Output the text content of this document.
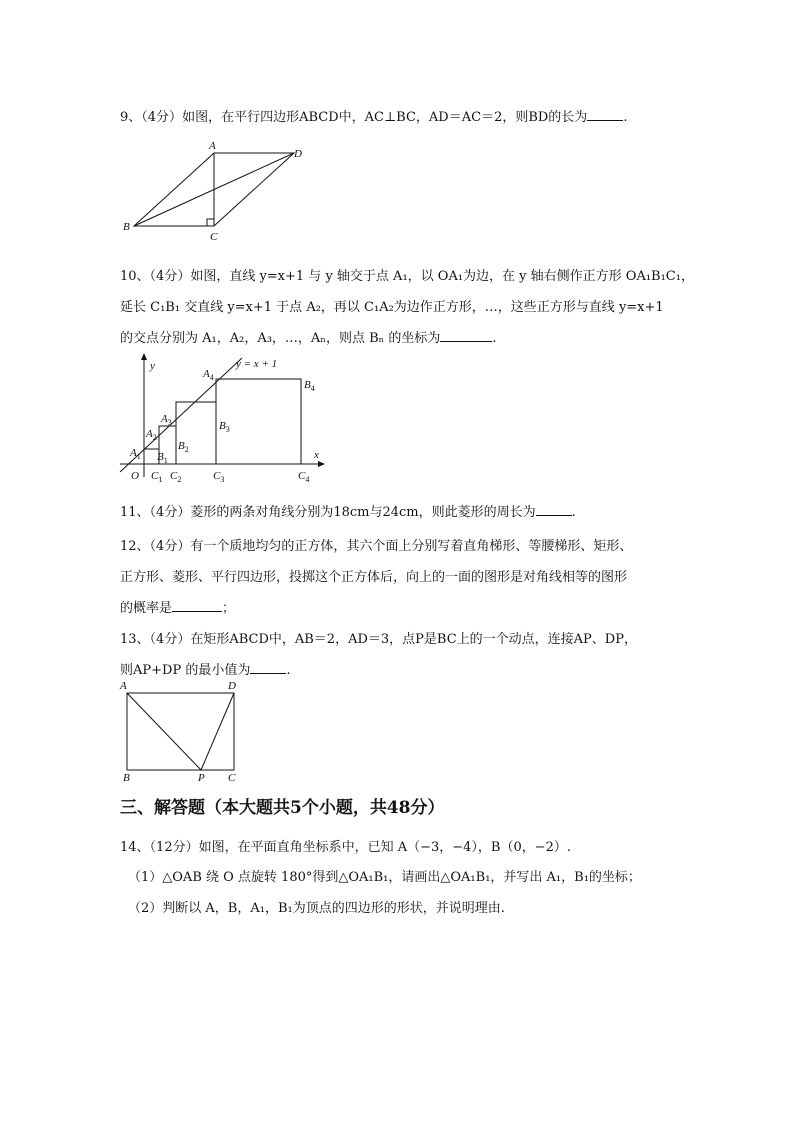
9、（4分）如图，在平行四边形ABCD中，AC⊥BC，AD＝AC＝2，则BD的长为	.
A
D
B
C
10、（4分）如图，直线 y=x+1 与 y 轴交于点 A₁，以 OA₁为边，在 y 轴右侧作正方形 OA₁B₁C₁，
延长 C₁B₁ 交直线 y=x+1 于点 A₂，再以 C₁A₂为边作正方形，…，这些正方形与直线 y=x+1
的交点分别为 A₁，A₂，A₃，…，Aₙ，则点 Bₙ 的坐标为	.
y
x
y = x + 1
O
$A_1$
$A_2$
$A_3$
$A_4$
$B_1$
$B_2$
$B_3$
$B_4$
$C_1$ $C_2$	$C_3$	$C_4$
11、（4分）菱形的两条对角线分别为18cm与24cm，则此菱形的周长为	.
12、（4分）有一个质地均匀的正方体，其六个面上分别写着直角梯形、等腰梯形、矩形、
正方形、菱形、平行四边形，投掷这个正方体后，向上的一面的图形是对角线相等的图形
的概率是	；
13、（4分）在矩形ABCD中，AB＝2，AD＝3，点P是BC上的一个动点，连接AP、DP，
则AP+DP 的最小值为	.
A	D
B	P C
三、解答题（本大题共5个小题，共48分）
14、（12分）如图，在平面直角坐标系中，已知 A（−3，−4），B（0，−2）.
（1）△OAB 绕 O 点旋转 180°得到△OA₁B₁，请画出△OA₁B₁，并写出 A₁，B₁的坐标；
（2）判断以 A，B，A₁，B₁为顶点的四边形的形状，并说明理由.
